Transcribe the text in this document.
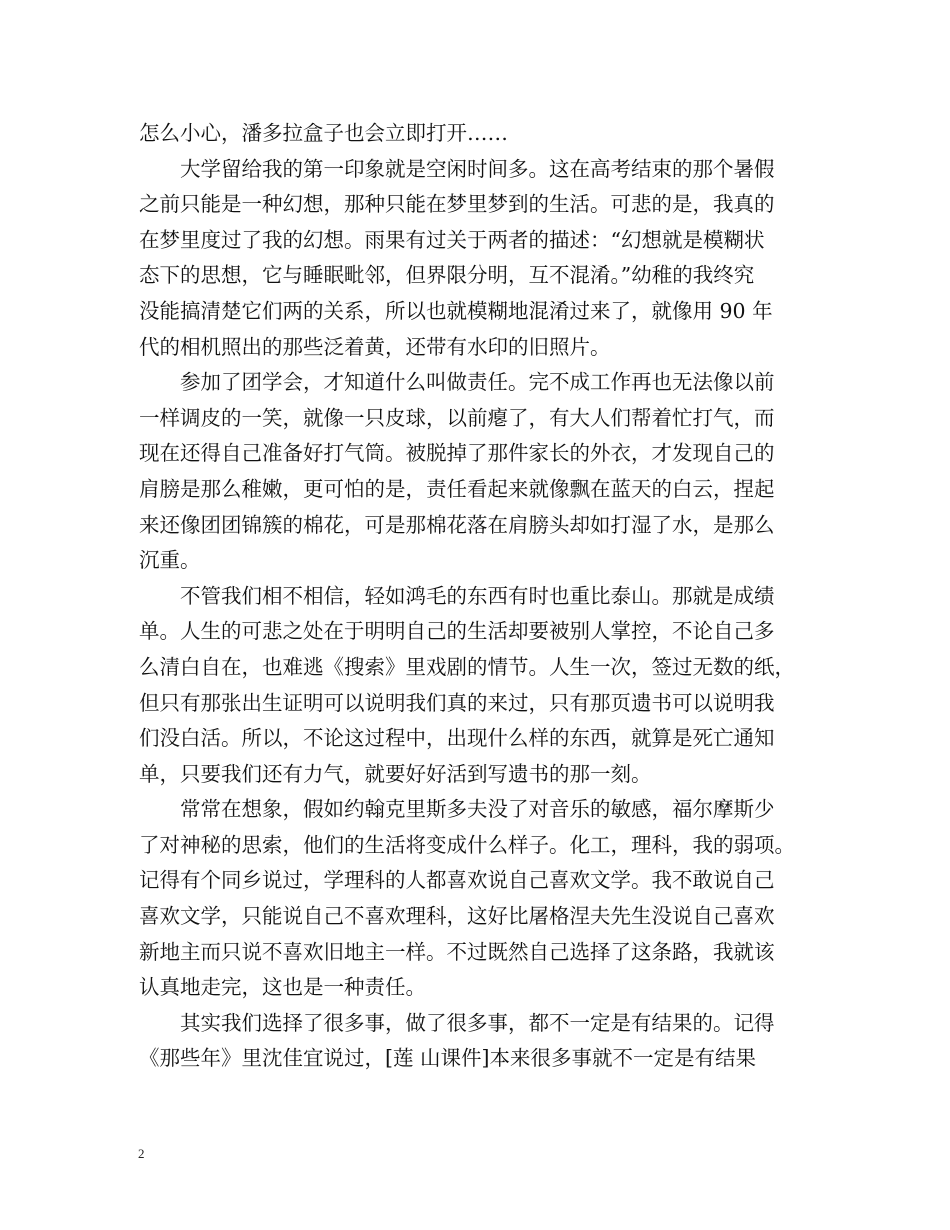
怎么小心，潘多拉盒子也会立即打开……
大学留给我的第一印象就是空闲时间多。这在高考结束的那个暑假
之前只能是一种幻想，那种只能在梦里梦到的生活。可悲的是，我真的
在梦里度过了我的幻想。雨果有过关于两者的描述：“幻想就是模糊状
态下的思想，它与睡眠毗邻，但界限分明，互不混淆。”幼稚的我终究
没能搞清楚它们两的关系，所以也就模糊地混淆过来了，就像用 90 年
代的相机照出的那些泛着黄，还带有水印的旧照片。
参加了团学会，才知道什么叫做责任。完不成工作再也无法像以前
一样调皮的一笑，就像一只皮球，以前瘪了，有大人们帮着忙打气，而
现在还得自己准备好打气筒。被脱掉了那件家长的外衣，才发现自己的
肩膀是那么稚嫩，更可怕的是，责任看起来就像飘在蓝天的白云，捏起
来还像团团锦簇的棉花，可是那棉花落在肩膀头却如打湿了水，是那么
沉重。
不管我们相不相信，轻如鸿毛的东西有时也重比泰山。那就是成绩
单。人生的可悲之处在于明明自己的生活却要被别人掌控，不论自己多
么清白自在，也难逃《搜索》里戏剧的情节。人生一次，签过无数的纸，
但只有那张出生证明可以说明我们真的来过，只有那页遗书可以说明我
们没白活。所以，不论这过程中，出现什么样的东西，就算是死亡通知
单，只要我们还有力气，就要好好活到写遗书的那一刻。
常常在想象，假如约翰克里斯多夫没了对音乐的敏感，福尔摩斯少
了对神秘的思索，他们的生活将变成什么样子。化工，理科，我的弱项。
记得有个同乡说过，学理科的人都喜欢说自己喜欢文学。我不敢说自己
喜欢文学，只能说自己不喜欢理科，这好比屠格涅夫先生没说自己喜欢
新地主而只说不喜欢旧地主一样。不过既然自己选择了这条路，我就该
认真地走完，这也是一种责任。
其实我们选择了很多事，做了很多事，都不一定是有结果的。记得
《那些年》里沈佳宜说过，[莲 山课件]本来很多事就不一定是有结果
2
